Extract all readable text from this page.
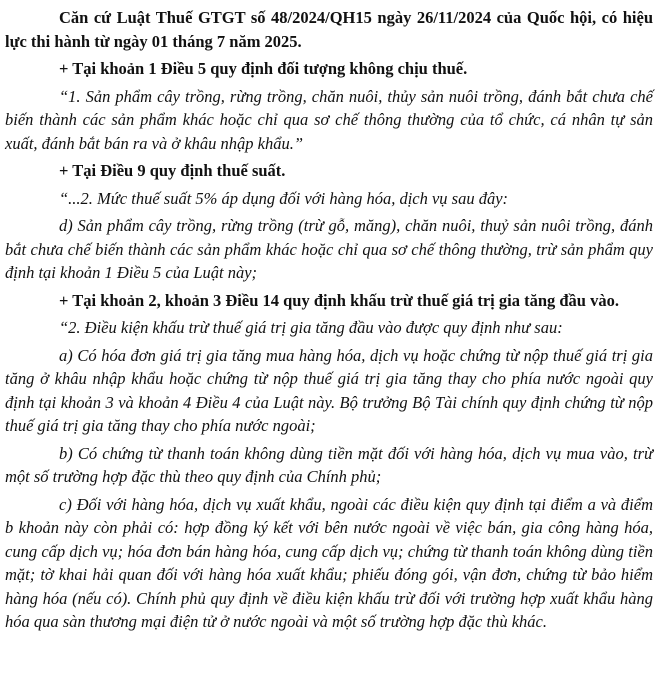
Căn cứ Luật Thuế GTGT số 48/2024/QH15 ngày 26/11/2024 của Quốc hội, có hiệu lực thi hành từ ngày 01 tháng 7 năm 2025.

+ Tại khoản 1 Điều 5 quy định đối tượng không chịu thuế.

“1. Sản phẩm cây trồng, rừng trồng, chăn nuôi, thủy sản nuôi trồng, đánh bắt chưa chế biến thành các sản phẩm khác hoặc chỉ qua sơ chế thông thường của tổ chức, cá nhân tự sản xuất, đánh bắt bán ra và ở khâu nhập khẩu.”

+ Tại Điều 9 quy định thuế suất.

“...2. Mức thuế suất 5% áp dụng đối với hàng hóa, dịch vụ sau đây:

d) Sản phẩm cây trồng, rừng trồng (trừ gỗ, măng), chăn nuôi, thuỷ sản nuôi trồng, đánh bắt chưa chế biến thành các sản phẩm khác hoặc chỉ qua sơ chế thông thường, trừ sản phẩm quy định tại khoản 1 Điều 5 của Luật này;

+ Tại khoản 2, khoản 3 Điều 14 quy định khấu trừ thuế giá trị gia tăng đầu vào.

“2. Điều kiện khấu trừ thuế giá trị gia tăng đầu vào được quy định như sau:

a) Có hóa đơn giá trị gia tăng mua hàng hóa, dịch vụ hoặc chứng từ nộp thuế giá trị gia tăng ở khâu nhập khẩu hoặc chứng từ nộp thuế giá trị gia tăng thay cho phía nước ngoài quy định tại khoản 3 và khoản 4 Điều 4 của Luật này. Bộ trưởng Bộ Tài chính quy định chứng từ nộp thuế giá trị gia tăng thay cho phía nước ngoài;

b) Có chứng từ thanh toán không dùng tiền mặt đối với hàng hóa, dịch vụ mua vào, trừ một số trường hợp đặc thù theo quy định của Chính phủ;

c) Đối với hàng hóa, dịch vụ xuất khẩu, ngoài các điều kiện quy định tại điểm a và điểm b khoản này còn phải có: hợp đồng ký kết với bên nước ngoài về việc bán, gia công hàng hóa, cung cấp dịch vụ; hóa đơn bán hàng hóa, cung cấp dịch vụ; chứng từ thanh toán không dùng tiền mặt; tờ khai hải quan đối với hàng hóa xuất khẩu; phiếu đóng gói, vận đơn, chứng từ bảo hiểm hàng hóa (nếu có). Chính phủ quy định về điều kiện khấu trừ đối với trường hợp xuất khẩu hàng hóa qua sàn thương mại điện tử ở nước ngoài và một số trường hợp đặc thù khác.
